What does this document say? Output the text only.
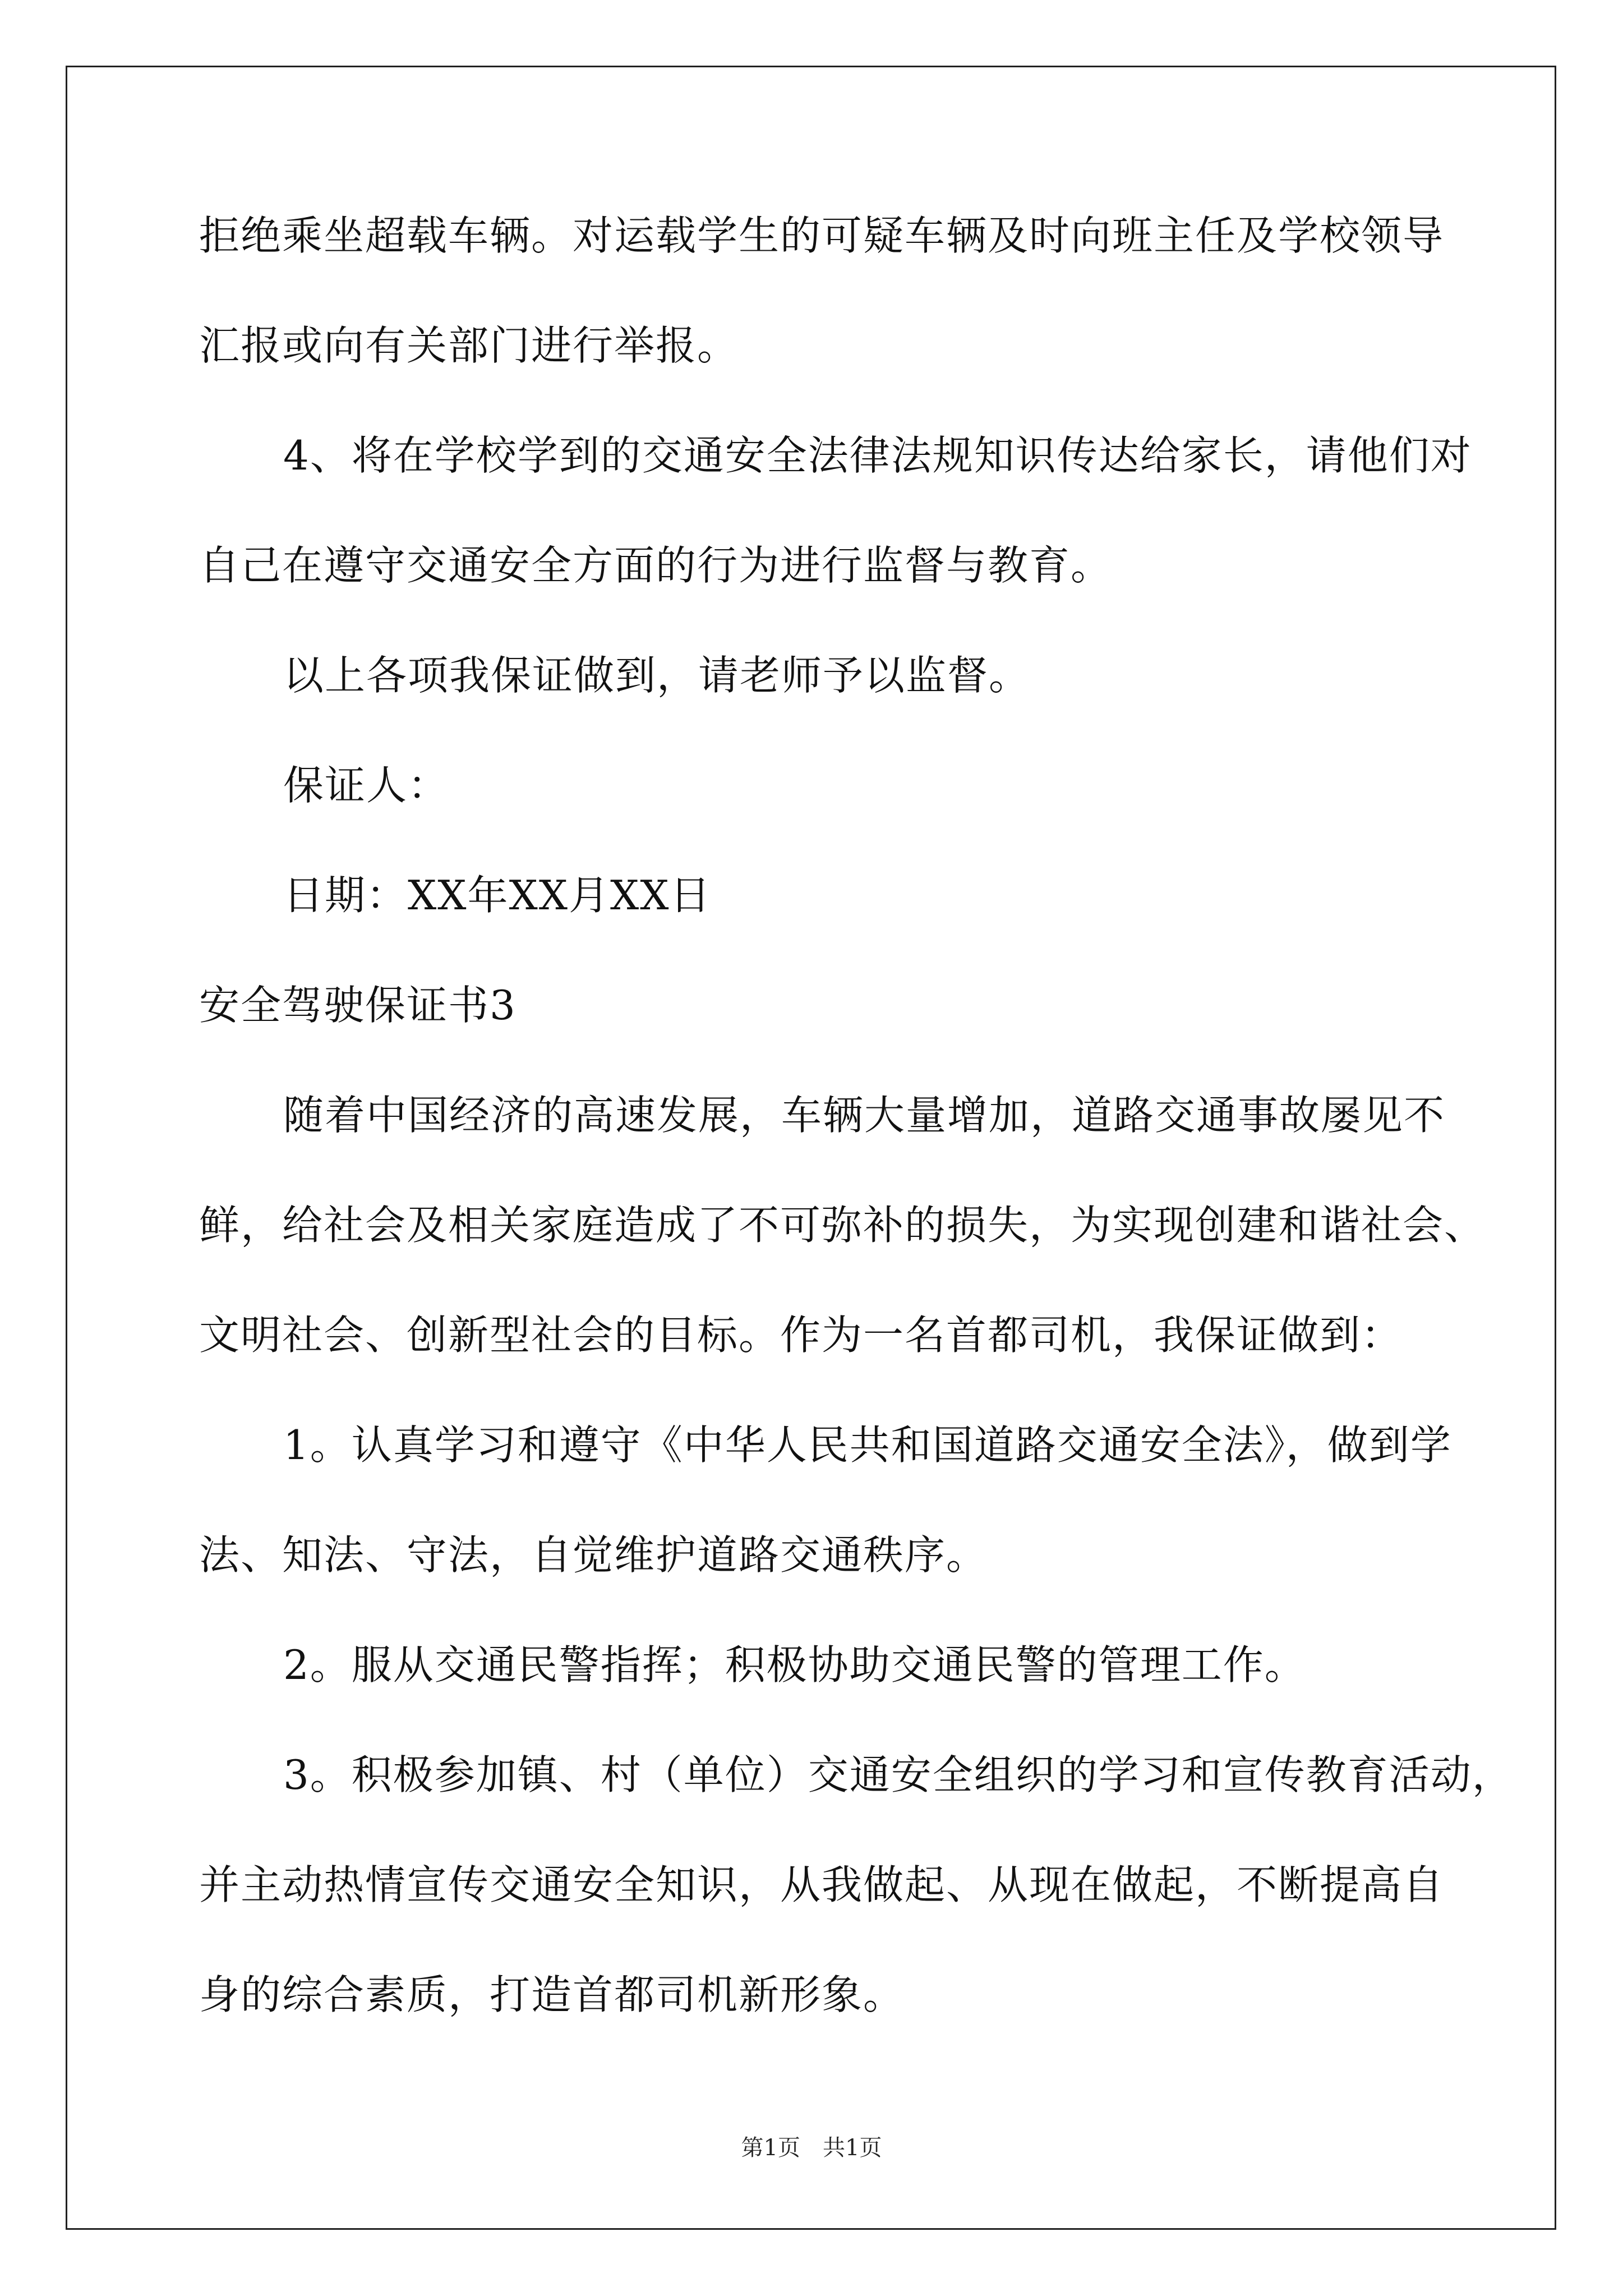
拒绝乘坐超载车辆。对运载学生的可疑车辆及时向班主任及学校领导
汇报或向有关部门进行举报。
4、将在学校学到的交通安全法律法规知识传达给家长，请他们对
自己在遵守交通安全方面的行为进行监督与教育。
以上各项我保证做到，请老师予以监督。
保证人：
日期：XX年XX月XX日
安全驾驶保证书3
随着中国经济的高速发展，车辆大量增加，道路交通事故屡见不
鲜，给社会及相关家庭造成了不可弥补的损失，为实现创建和谐社会、
文明社会、创新型社会的目标。作为一名首都司机，我保证做到：
1。认真学习和遵守《中华人民共和国道路交通安全法》，做到学
法、知法、守法，自觉维护道路交通秩序。
2。服从交通民警指挥；积极协助交通民警的管理工作。
3。积极参加镇、村（单位）交通安全组织的学习和宣传教育活动，
并主动热情宣传交通安全知识，从我做起、从现在做起，不断提高自
身的综合素质，打造首都司机新形象。
第1页 共1页
